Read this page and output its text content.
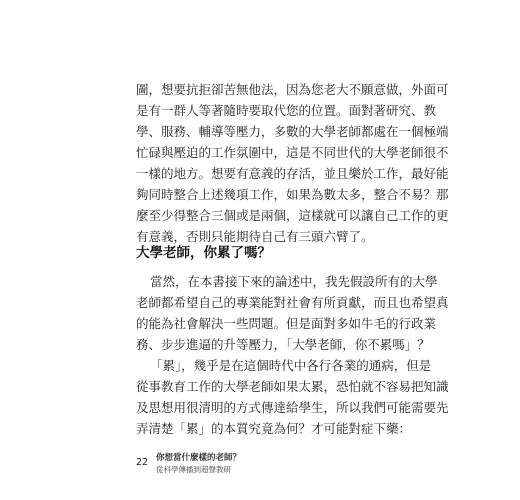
圖，想要抗拒卻苦無他法，因為您老大不願意做，外面可
是有一群人等著隨時要取代您的位置。面對著研究、教
學、服務、輔導等壓力，多數的大學老師都處在一個極端
忙碌與壓迫的工作氛圍中，這是不同世代的大學老師很不
一樣的地方。想要有意義的存活，並且樂於工作，最好能
夠同時整合上述幾項工作，如果為數太多，整合不易？那
麼至少得整合三個或是兩個，這樣就可以讓自己工作的更
有意義，否則只能期待自己有三頭六臂了。
大學老師，你累了嗎？
當然，在本書接下來的論述中，我先假設所有的大學
老師都希望自己的專業能對社會有所貢獻，而且也希望真
的能為社會解決一些問題。但是面對多如牛毛的行政業
務、步步進逼的升等壓力，「大學老師，你不累嗎」？
「累」，幾乎是在這個時代中各行各業的通病，但是
從事教育工作的大學老師如果太累，恐怕就不容易把知識
及思想用很清明的方式傳達給學生，所以我們可能需要先
弄清楚「累」的本質究竟為何？才可能對症下藥：
22 你想當什麼樣的老師？
從科學傳播到超聲教研
